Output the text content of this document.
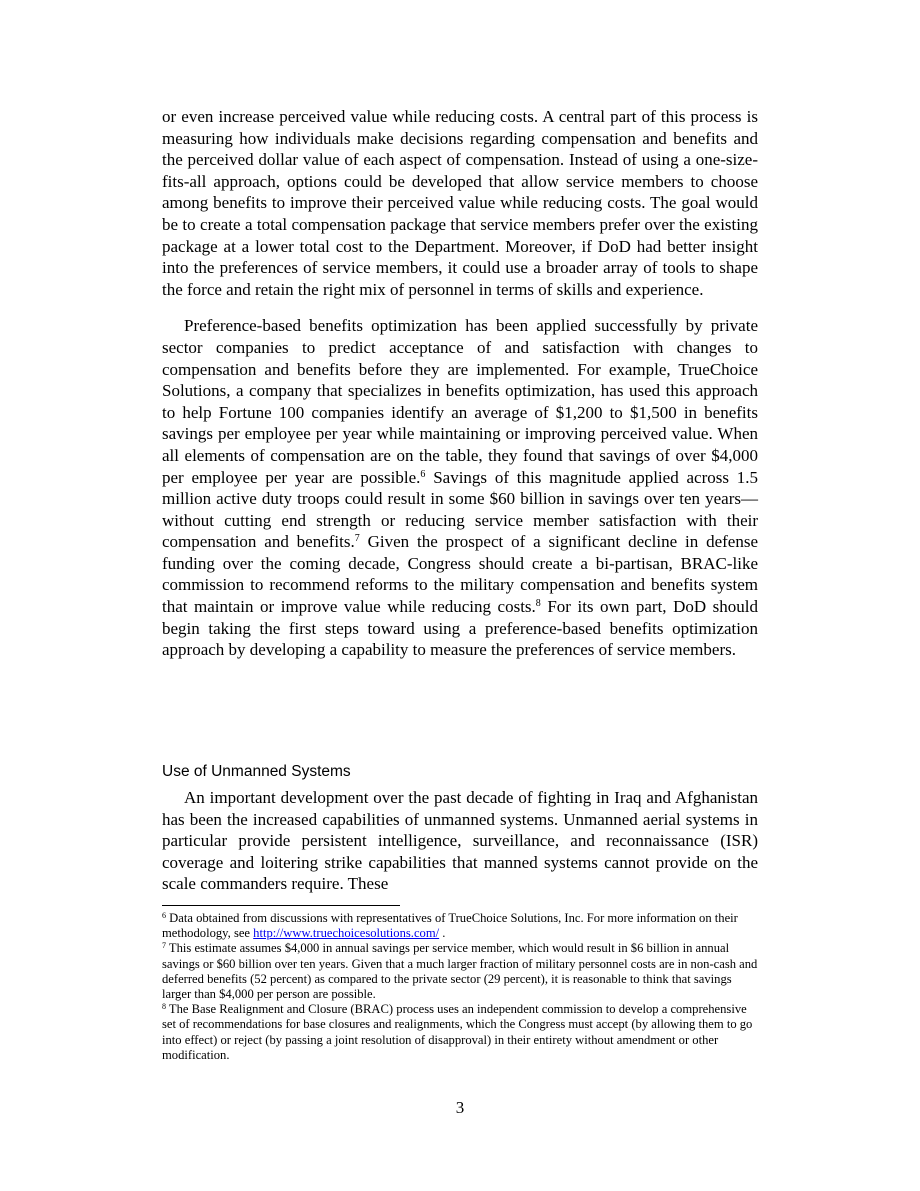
or even increase perceived value while reducing costs. A central part of this process is measuring how individuals make decisions regarding compensation and benefits and the perceived dollar value of each aspect of compensation. Instead of using a one-size-fits-all approach, options could be developed that allow service members to choose among benefits to improve their perceived value while reducing costs. The goal would be to create a total compensation package that service members prefer over the existing package at a lower total cost to the Department. Moreover, if DoD had better insight into the preferences of service members, it could use a broader array of tools to shape the force and retain the right mix of personnel in terms of skills and experience.

Preference-based benefits optimization has been applied successfully by private sector companies to predict acceptance of and satisfaction with changes to compensation and benefits before they are implemented. For example, TrueChoice Solutions, a company that specializes in benefits optimization, has used this approach to help Fortune 100 companies identify an average of $1,200 to $1,500 in benefits savings per employee per year while maintaining or improving perceived value. When all elements of compensation are on the table, they found that savings of over $4,000 per employee per year are possible.$^6$ Savings of this magnitude applied across 1.5 million active duty troops could result in some $60 billion in savings over ten years—without cutting end strength or reducing service member satisfaction with their compensation and benefits.$^7$ Given the prospect of a significant decline in defense funding over the coming decade, Congress should create a bi-partisan, BRAC-like commission to recommend reforms to the military compensation and benefits system that maintain or improve value while reducing costs.$^8$ For its own part, DoD should begin taking the first steps toward using a preference-based benefits optimization approach by developing a capability to measure the preferences of service members.

Use of Unmanned Systems

An important development over the past decade of fighting in Iraq and Afghanistan has been the increased capabilities of unmanned systems. Unmanned aerial systems in particular provide persistent intelligence, surveillance, and reconnaissance (ISR) coverage and loitering strike capabilities that manned systems cannot provide on the scale commanders require. These

$^6$ Data obtained from discussions with representatives of TrueChoice Solutions, Inc. For more information on their methodology, see http://www.truechoicesolutions.com/ .

$^7$ This estimate assumes $4,000 in annual savings per service member, which would result in $6 billion in annual savings or $60 billion over ten years. Given that a much larger fraction of military personnel costs are in non-cash and deferred benefits (52 percent) as compared to the private sector (29 percent), it is reasonable to think that savings larger than $4,000 per person are possible.

$^8$ The Base Realignment and Closure (BRAC) process uses an independent commission to develop a comprehensive set of recommendations for base closures and realignments, which the Congress must accept (by allowing them to go into effect) or reject (by passing a joint resolution of disapproval) in their entirety without amendment or other modification.

3
